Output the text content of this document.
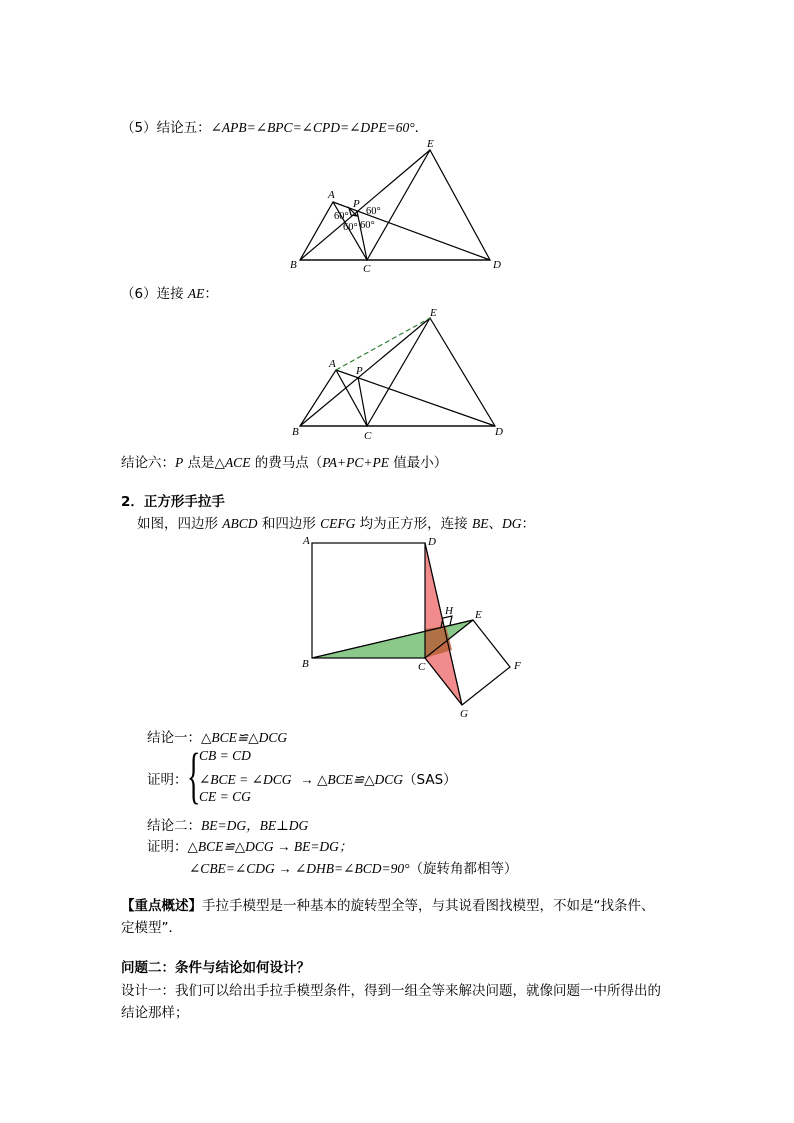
（5）结论五：∠APB=∠BPC=∠CPD=∠DPE=60°．
E
A
P
B	C	D
60° 60°
60° 60°
（6）连接 AE：
E
A
P
B	C	D
结论六：P 点是△ACE 的费马点（PA+PC+PE 值最小）
2．正方形手拉手
如图，四边形 ABCD 和四边形 CEFG 均为正方形，连接 BE、DG：
A	D
H E
B	C	F
G
结论一：△BCE≌△DCG
证明： {
CB = CD
∠BCE = ∠DCG → △BCE≌△DCG（SAS）
CE = CG
结论二：BE=DG，BE⊥DG
证明：△BCE≌△DCG → BE=DG；
∠CBE=∠CDG → ∠DHB=∠BCD=90°（旋转角都相等）
【重点概述】手拉手模型是一种基本的旋转型全等，与其说看图找模型，不如是“找条件、
定模型”．
问题二：条件与结论如何设计？
设计一：我们可以给出手拉手模型条件，得到一组全等来解决问题，就像问题一中所得出的
结论那样；
